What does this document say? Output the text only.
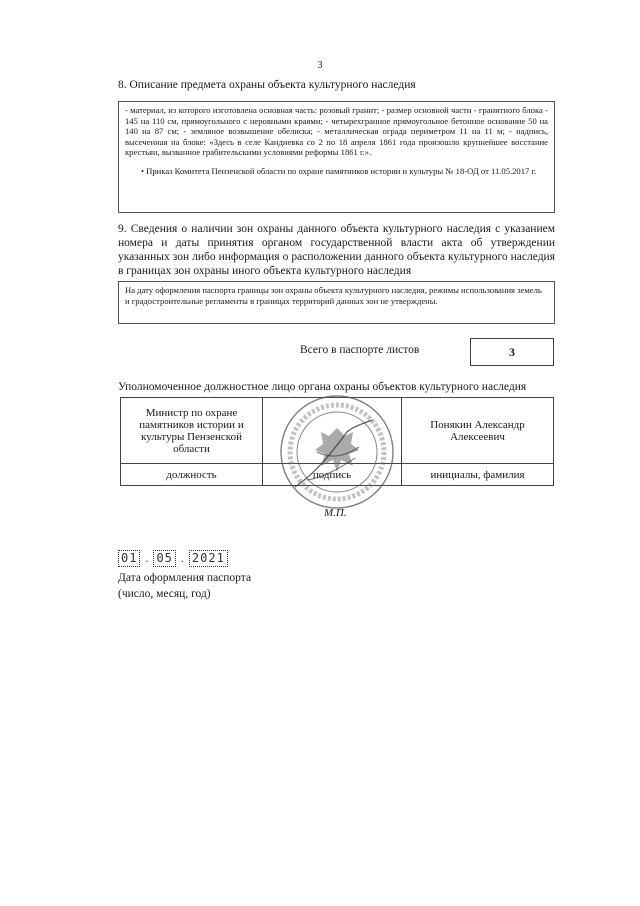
3
8. Описание предмета охраны объекта культурного наследия
- материал, из которого изготовлена основная часть: розовый гранит; - размер основной части - гранитного блока - 145 на 110 см, прямоугольного с неровными краями; - четырехгранное прямоугольное бетонное основание 50 на 140 на 87 см; - земляное возвышение обелиска; - металлическая ограда периметром 11 на 11 м; - надпись, высеченная на блоке: «Здесь в селе Кандиевка со 2 по 18 апреля 1861 года произошло крупнейшее восстание крестьян, вызванное грабительскими условиями реформы 1861 г.».
• Приказ Комитета Пензенской области по охране памятников истории и культуры № 18-ОД от 11.05.2017 г.
9. Сведения о наличии зон охраны данного объекта культурного наследия с указанием номера и даты принятия органом государственной власти акта об утверждении указанных зон либо информация о расположении данного объекта культурного наследия в границах зон охраны иного объекта культурного наследия
На дату оформления паспорта границы зон охраны объекта культурного наследия, режимы использования земель и градостроительные регламенты в границах территорий данных зон не утверждены.
Всего в паспорте листов	3
Уполномоченное должностное лицо органа охраны объектов культурного наследия
Министр по охране памятников истории и культуры Пензенской области		Понякин Александр Алексеевич
должность	подпись	инициалы, фамилия
М.П.
01 . 05 . 2021
Дата оформления паспорта
(число, месяц, год)
